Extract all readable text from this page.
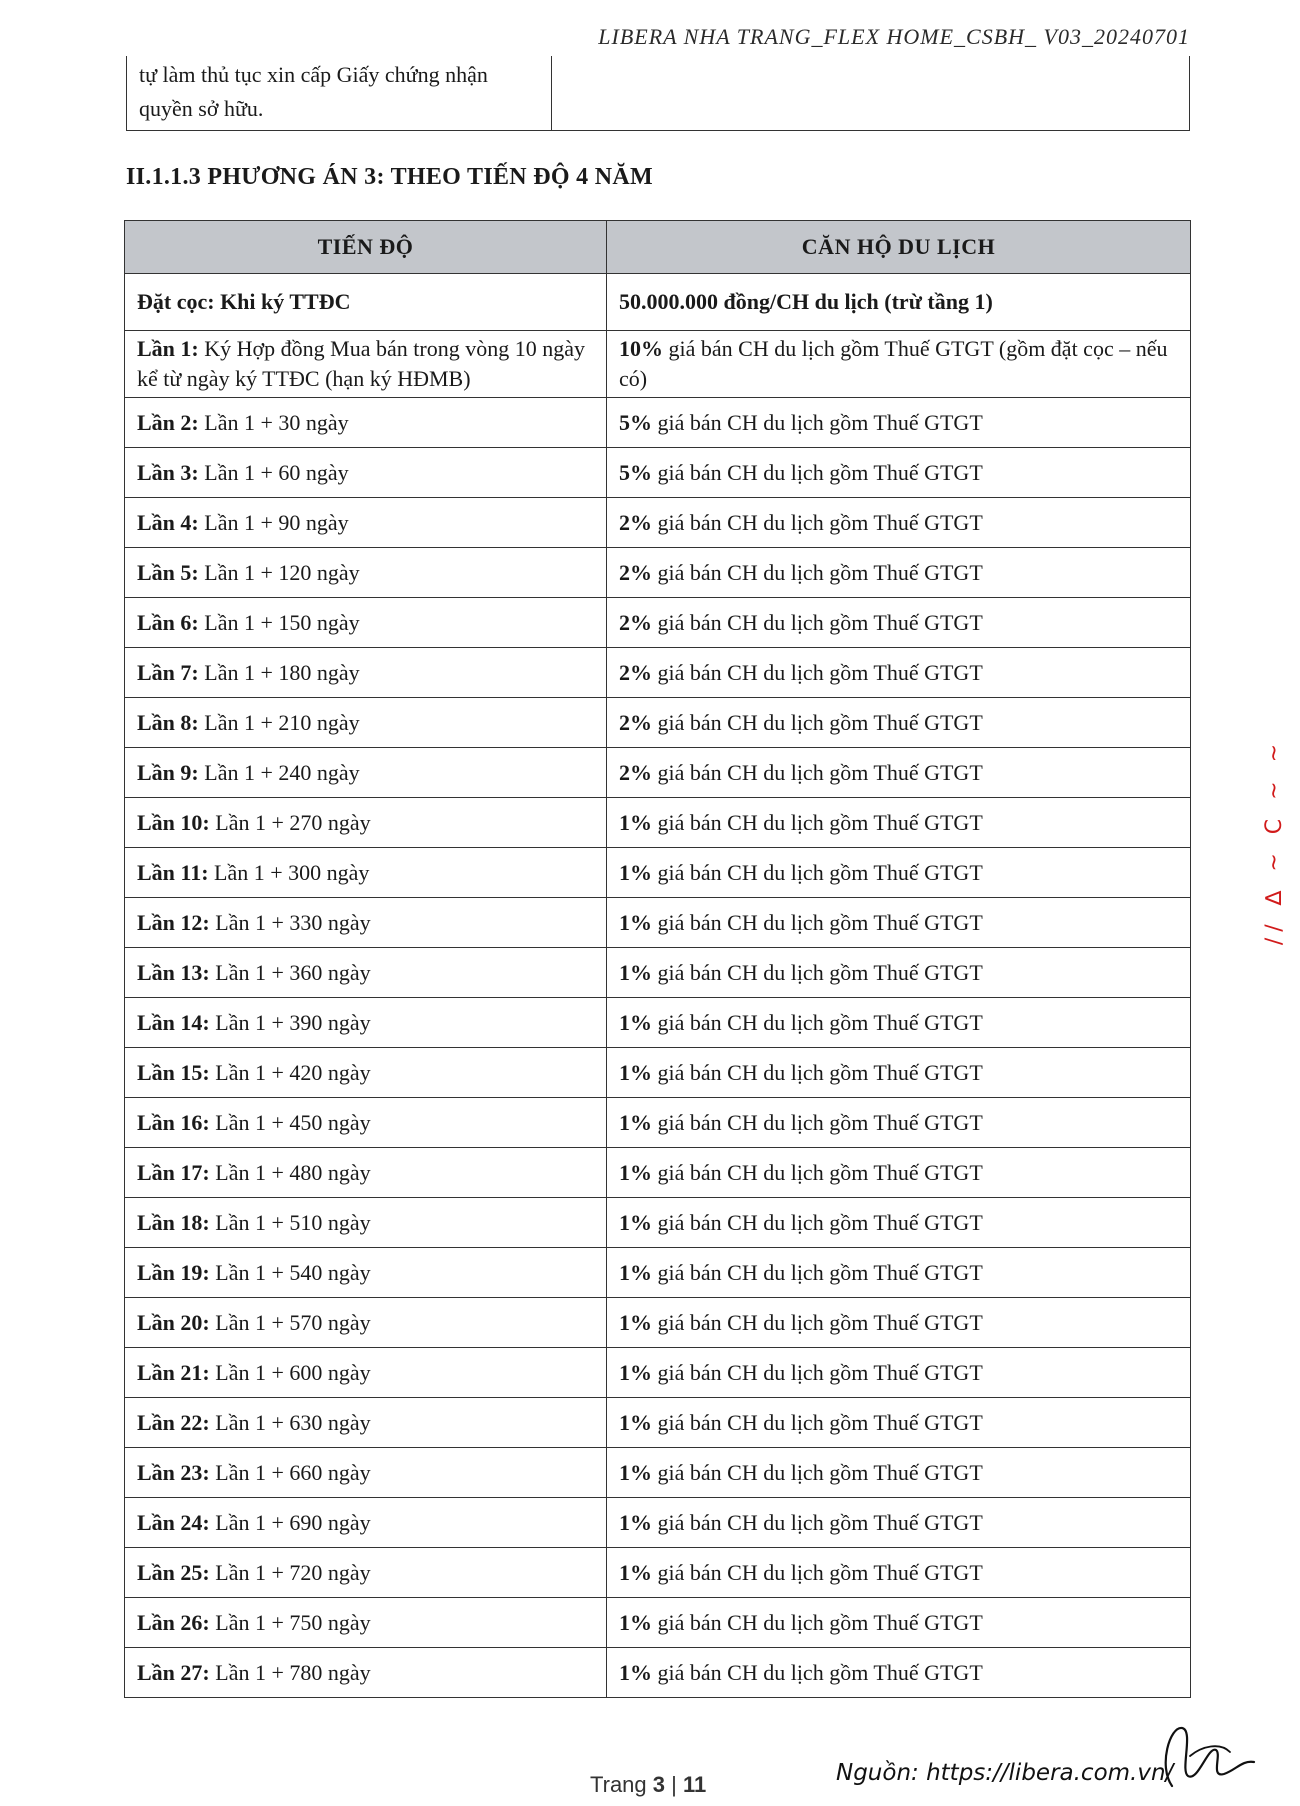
LIBERA NHA TRANG_FLEX HOME_CSBH_ V03_20240701
tự làm thủ tục xin cấp Giấy chứng nhận
quyền sở hữu.

II.1.1.3 PHƯƠNG ÁN 3: THEO TIẾN ĐỘ 4 NĂM
TIẾN ĐỘ	CĂN HỘ DU LỊCH
Đặt cọc: Khi ký TTĐC	50.000.000 đồng/CH du lịch (trừ tầng 1)
Lần 1: Ký Hợp đồng Mua bán trong vòng 10 ngày kể từ ngày ký TTĐC (hạn ký HĐMB)	10% giá bán CH du lịch gồm Thuế GTGT (gồm đặt cọc – nếu có)
Lần 2: Lần 1 + 30 ngày	5% giá bán CH du lịch gồm Thuế GTGT
Lần 3: Lần 1 + 60 ngày	5% giá bán CH du lịch gồm Thuế GTGT
Lần 4: Lần 1 + 90 ngày	2% giá bán CH du lịch gồm Thuế GTGT
Lần 5: Lần 1 + 120 ngày	2% giá bán CH du lịch gồm Thuế GTGT
Lần 6: Lần 1 + 150 ngày	2% giá bán CH du lịch gồm Thuế GTGT
Lần 7: Lần 1 + 180 ngày	2% giá bán CH du lịch gồm Thuế GTGT
Lần 8: Lần 1 + 210 ngày	2% giá bán CH du lịch gồm Thuế GTGT
Lần 9: Lần 1 + 240 ngày	2% giá bán CH du lịch gồm Thuế GTGT
Lần 10: Lần 1 + 270 ngày	1% giá bán CH du lịch gồm Thuế GTGT
Lần 11: Lần 1 + 300 ngày	1% giá bán CH du lịch gồm Thuế GTGT
Lần 12: Lần 1 + 330 ngày	1% giá bán CH du lịch gồm Thuế GTGT
Lần 13: Lần 1 + 360 ngày	1% giá bán CH du lịch gồm Thuế GTGT
Lần 14: Lần 1 + 390 ngày	1% giá bán CH du lịch gồm Thuế GTGT
Lần 15: Lần 1 + 420 ngày	1% giá bán CH du lịch gồm Thuế GTGT
Lần 16: Lần 1 + 450 ngày	1% giá bán CH du lịch gồm Thuế GTGT
Lần 17: Lần 1 + 480 ngày	1% giá bán CH du lịch gồm Thuế GTGT
Lần 18: Lần 1 + 510 ngày	1% giá bán CH du lịch gồm Thuế GTGT
Lần 19: Lần 1 + 540 ngày	1% giá bán CH du lịch gồm Thuế GTGT
Lần 20: Lần 1 + 570 ngày	1% giá bán CH du lịch gồm Thuế GTGT
Lần 21: Lần 1 + 600 ngày	1% giá bán CH du lịch gồm Thuế GTGT
Lần 22: Lần 1 + 630 ngày	1% giá bán CH du lịch gồm Thuế GTGT
Lần 23: Lần 1 + 660 ngày	1% giá bán CH du lịch gồm Thuế GTGT
Lần 24: Lần 1 + 690 ngày	1% giá bán CH du lịch gồm Thuế GTGT
Lần 25: Lần 1 + 720 ngày	1% giá bán CH du lịch gồm Thuế GTGT
Lần 26: Lần 1 + 750 ngày	1% giá bán CH du lịch gồm Thuế GTGT
Lần 27: Lần 1 + 780 ngày	1% giá bán CH du lịch gồm Thuế GTGT
// ∆ ~ C ~ ~
Trang 3 | 11	Nguồn: https://libera.com.vn/
